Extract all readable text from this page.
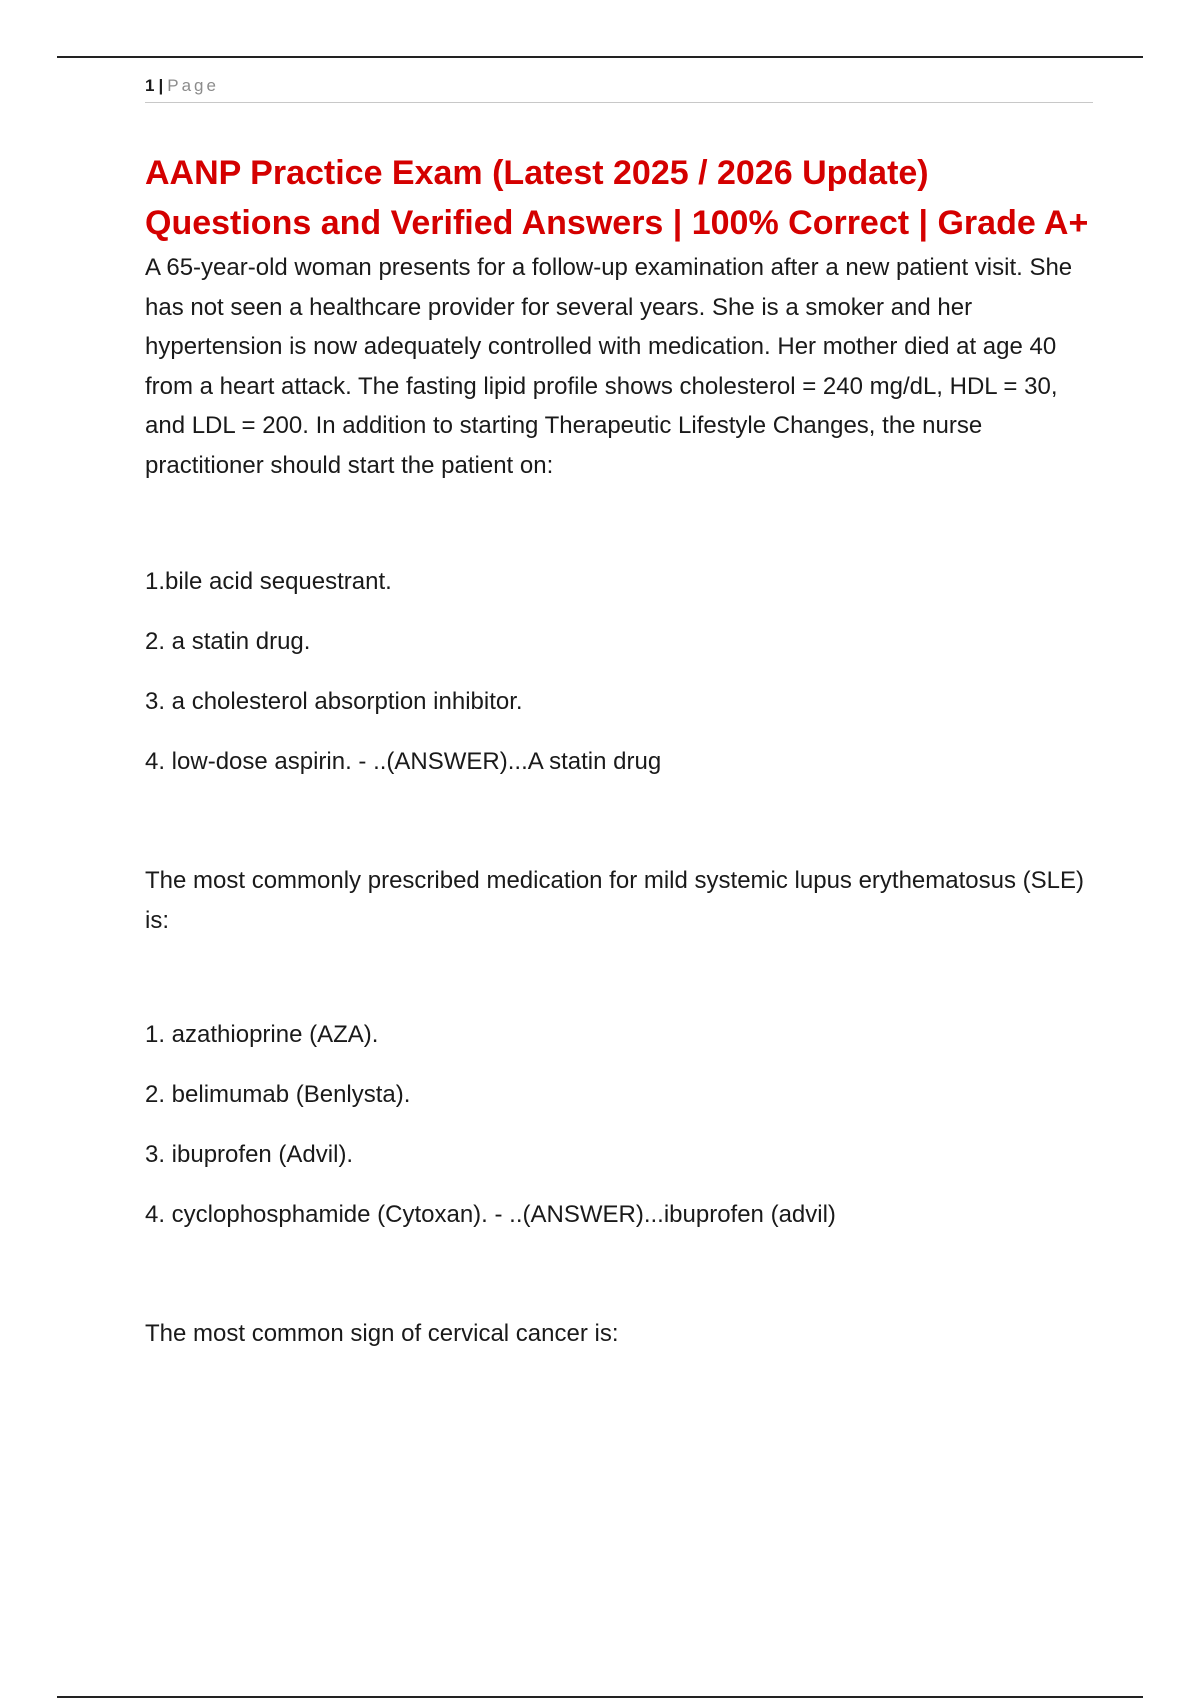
1 | Page
AANP Practice Exam (Latest 2025 / 2026 Update) Questions and Verified Answers | 100% Correct | Grade A+

A 65-year-old woman presents for a follow-up examination after a new patient visit. She has not seen a healthcare provider for several years. She is a smoker and her hypertension is now adequately controlled with medication. Her mother died at age 40 from a heart attack. The fasting lipid profile shows cholesterol = 240 mg/dL, HDL = 30, and LDL = 200. In addition to starting Therapeutic Lifestyle Changes, the nurse practitioner should start the patient on:

1.bile acid sequestrant.
2. a statin drug.
3. a cholesterol absorption inhibitor.
4. low-dose aspirin. - ..(ANSWER)...A statin drug

The most commonly prescribed medication for mild systemic lupus erythematosus (SLE) is:

1. azathioprine (AZA).
2. belimumab (Benlysta).
3. ibuprofen (Advil).
4. cyclophosphamide (Cytoxan). - ..(ANSWER)...ibuprofen (advil)

The most common sign of cervical cancer is:
